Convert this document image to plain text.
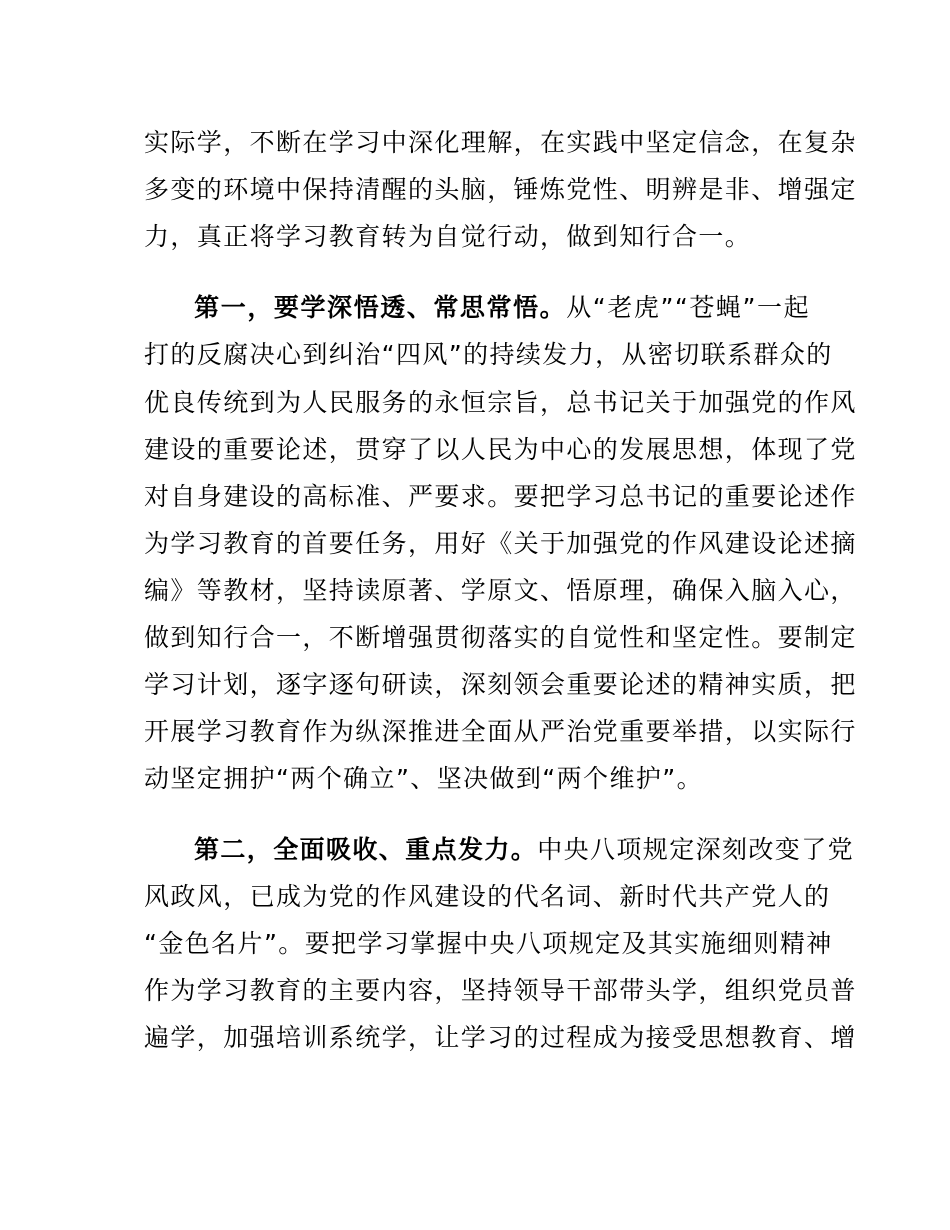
实际学，不断在学习中深化理解，在实践中坚定信念，在复杂
多变的环境中保持清醒的头脑，锤炼党性、明辨是非、增强定
力，真正将学习教育转为自觉行动，做到知行合一。
第一，要学深悟透、常思常悟。从“老虎”“苍蝇”一起
打的反腐决心到纠治“四风”的持续发力，从密切联系群众的
优良传统到为人民服务的永恒宗旨，总书记关于加强党的作风
建设的重要论述，贯穿了以人民为中心的发展思想，体现了党
对自身建设的高标准、严要求。要把学习总书记的重要论述作
为学习教育的首要任务，用好《关于加强党的作风建设论述摘
编》等教材，坚持读原著、学原文、悟原理，确保入脑入心，
做到知行合一，不断增强贯彻落实的自觉性和坚定性。要制定
学习计划，逐字逐句研读，深刻领会重要论述的精神实质，把
开展学习教育作为纵深推进全面从严治党重要举措，以实际行
动坚定拥护“两个确立”、坚决做到“两个维护”。
第二，全面吸收、重点发力。中央八项规定深刻改变了党
风政风，已成为党的作风建设的代名词、新时代共产党人的
“金色名片”。要把学习掌握中央八项规定及其实施细则精神
作为学习教育的主要内容，坚持领导干部带头学，组织党员普
遍学，加强培训系统学，让学习的过程成为接受思想教育、增
